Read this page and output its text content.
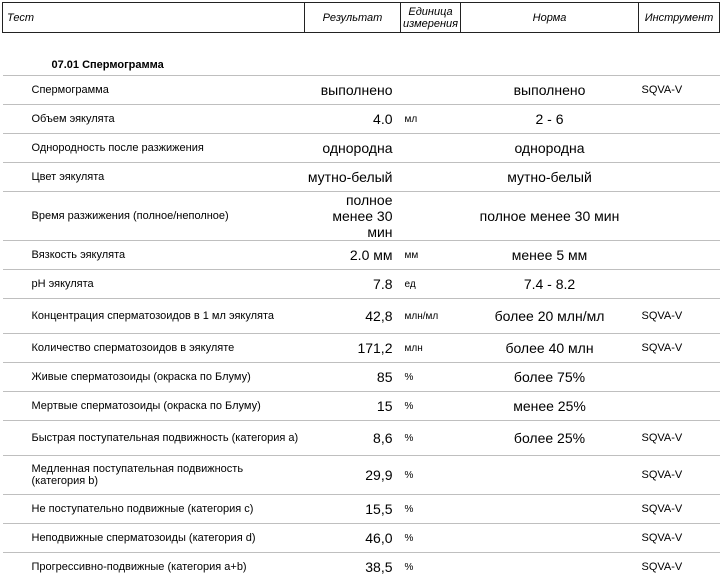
Тест	Результат	Единица измерения	Норма	Инструмент

07.01 Спермограмма				
Спермограмма	выполнено		выполнено	SQVA-V
Объем эякулята	4.0	мл	2 - 6	
Однородность после разжижения	однородна		однородна	
Цвет эякулята	мутно-белый		мутно-белый	
Время разжижения (полное/неполное)	полное менее 30 мин		полное менее 30 мин	
Вязкость эякулята	2.0 мм	мм	менее 5 мм	
pH эякулята	7.8	ед	7.4 - 8.2	
Концентрация сперматозоидов в 1 мл эякулята	42,8	млн/мл	более 20 млн/мл	SQVA-V
Количество сперматозоидов в эякуляте	171,2	млн	более 40 млн	SQVA-V
Живые сперматозоиды (окраска по Блуму)	85	%	более 75%	
Мертвые сперматозоиды (окраска по Блуму)	15	%	менее 25%	
Быстрая поступательная подвижность (категория a)	8,6	%	более 25%	SQVA-V
Медленная поступательная подвижность (категория b)	29,9	%		SQVA-V
Не поступательно подвижные (категория c)	15,5	%		SQVA-V
Неподвижные сперматозоиды (категория d)	46,0	%		SQVA-V
Прогрессивно-подвижные (категория a+b)	38,5	%		SQVA-V
